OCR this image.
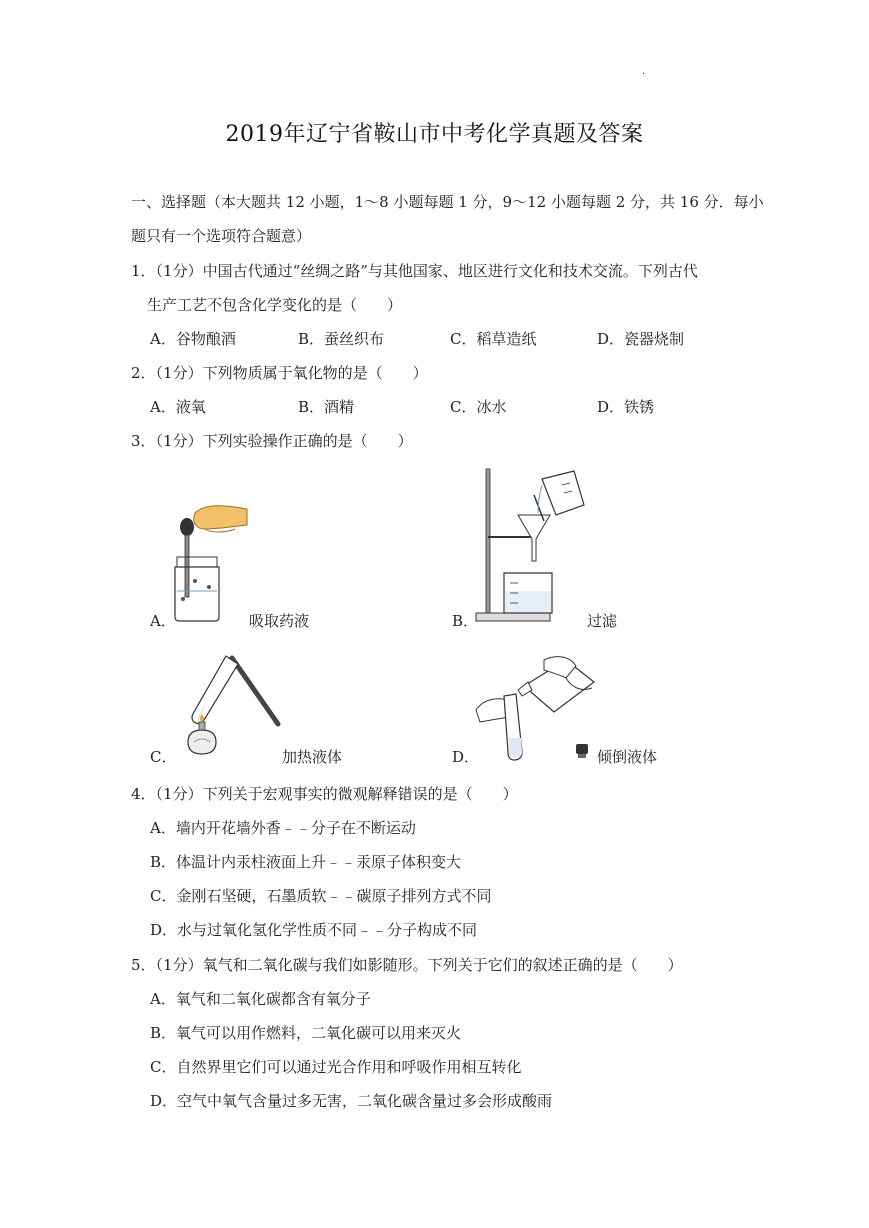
.
2019年辽宁省鞍山市中考化学真题及答案
一、选择题（本大题共 12 小题，1～8 小题每题 1 分，9～12 小题每题 2 分，共 16 分．每小
题只有一个选项符合题意）
1．（1分）中国古代通过“丝绸之路”与其他国家、地区进行文化和技术交流。下列古代
生产工艺不包含化学变化的是（　　）
A．谷物酿酒	B．蚕丝织布	C．稻草造纸	D．瓷器烧制
2．（1分）下列物质属于氧化物的是（　　）
A．液氧	B．酒精	C．冰水	D．铁锈
3．（1分）下列实验操作正确的是（　　）
A．	吸取药液	B．	过滤
C．	加热液体	D．	倾倒液体
4．（1分）下列关于宏观事实的微观解释错误的是（　　）
A．墙内开花墙外香﹣﹣分子在不断运动
B．体温计内汞柱液面上升﹣﹣汞原子体积变大
C．金刚石坚硬，石墨质软﹣﹣碳原子排列方式不同
D．水与过氧化氢化学性质不同﹣﹣分子构成不同
5．（1分）氧气和二氧化碳与我们如影随形。下列关于它们的叙述正确的是（　　）
A．氧气和二氧化碳都含有氧分子
B．氧气可以用作燃料，二氧化碳可以用来灭火
C．自然界里它们可以通过光合作用和呼吸作用相互转化
D．空气中氧气含量过多无害，二氧化碳含量过多会形成酸雨
